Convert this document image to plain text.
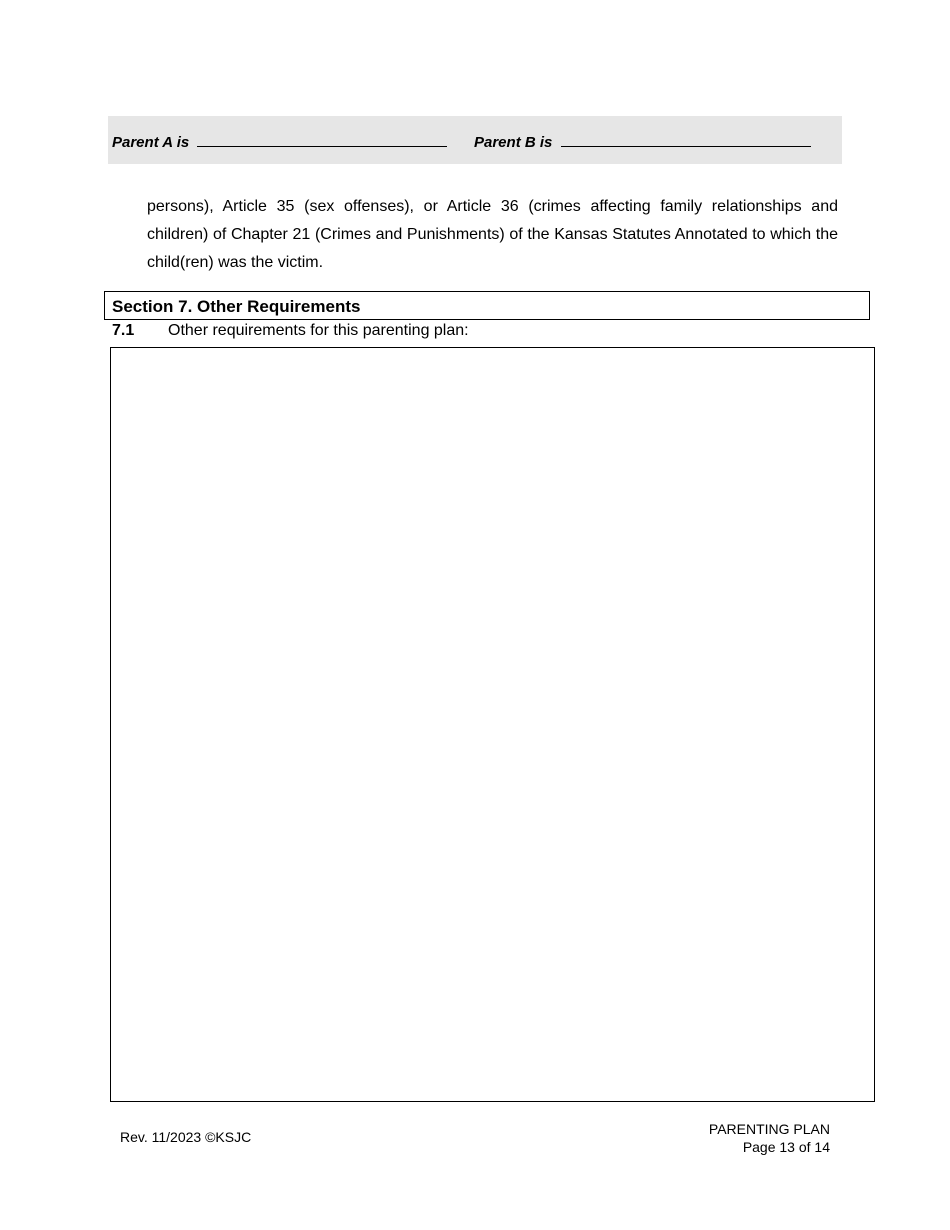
Parent A is	Parent B is
persons), Article 35 (sex offenses), or Article 36 (crimes affecting family relationships and children) of Chapter 21 (Crimes and Punishments) of the Kansas Statutes Annotated to which the child(ren) was the victim.
Section 7. Other Requirements
7.1 Other requirements for this parenting plan:
Rev. 11/2023 ©KSJC	PARENTING PLAN
Page 13 of 14
